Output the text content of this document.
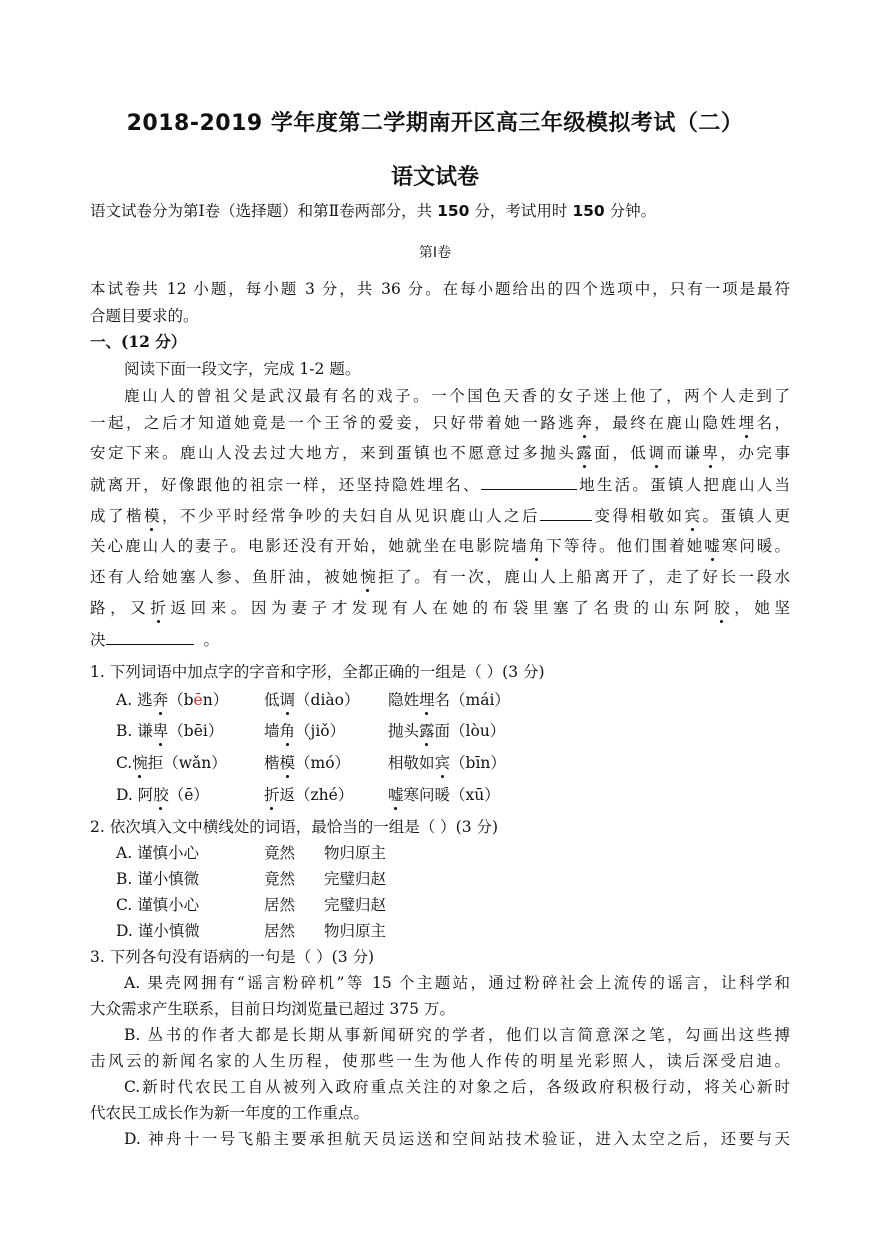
2018-2019 学年度第二学期南开区高三年级模拟考试（二）
语文试卷
语文试卷分为第Ⅰ卷（选择题）和第Ⅱ卷两部分，共 150 分，考试用时 150 分钟。
第Ⅰ卷
本试卷共 12 小题，每小题 3 分，共 36 分。在每小题给出的四个选项中，只有一项是最符
合题目要求的。
一、(12 分）
阅读下面一段文字，完成 1-2 题。
鹿山人的曾祖父是武汉最有名的戏子。一个国色天香的女子迷上他了，两个人走到了
一起，之后才知道她竟是一个王爷的爱妾，只好带着她一路逃奔，最终在鹿山隐姓埋名，
安定下来。鹿山人没去过大地方，来到蛋镇也不愿意过多抛头露面，低调而谦卑，办完事
就离开，好像跟他的祖宗一样，还坚持隐姓埋名、	地生活。蛋镇人把鹿山人当
成了楷模，不少平时经常争吵的夫妇自从见识鹿山人之后	变得相敬如宾。蛋镇人更
关心鹿山人的妻子。电影还没有开始，她就坐在电影院墙角下等待。他们围着她嘘寒问暖。
还有人给她塞人参、鱼肝油，被她惋拒了。有一次，鹿山人上船离开了，走了好长一段水
路，又折返回来。因为妻子才发现有人在她的布袋里塞了名贵的山东阿胶，她坚
决	。
1. 下列词语中加点字的字音和字形，全都正确的一组是（ ）(3 分)
A. 逃奔（bēn） 低调（diào） 隐姓埋名（mái）
B. 谦卑（bēi）	墙角（jiǒ）	抛头露面（lòu）
C.惋拒（wǎn） 楷模（mó） 相敬如宾（bīn）
D. 阿胶（ē）	折返（zhé） 嘘寒问暖（xū）
2. 依次填入文中横线处的词语，最恰当的一组是（ ）(3 分)
A. 谨慎小心	竟然 物归原主
B. 谨小慎微	竟然 完璧归赵
C. 谨慎小心	居然 完璧归赵
D. 谨小慎微	居然 物归原主
3. 下列各句没有语病的一句是（ ）(3 分)
A. 果壳网拥有“谣言粉碎机”等 15 个主题站，通过粉碎社会上流传的谣言，让科学和
大众需求产生联系，目前日均浏览量已超过 375 万。
B. 丛书的作者大都是长期从事新闻研究的学者，他们以言简意深之笔，勾画出这些搏
击风云的新闻名家的人生历程，使那些一生为他人作传的明星光彩照人，读后深受启迪。
C.新时代农民工自从被列入政府重点关注的对象之后，各级政府积极行动，将关心新时
代农民工成长作为新一年度的工作重点。
D. 神舟十一号飞船主要承担航天员运送和空间站技术验证，进入太空之后，还要与天
